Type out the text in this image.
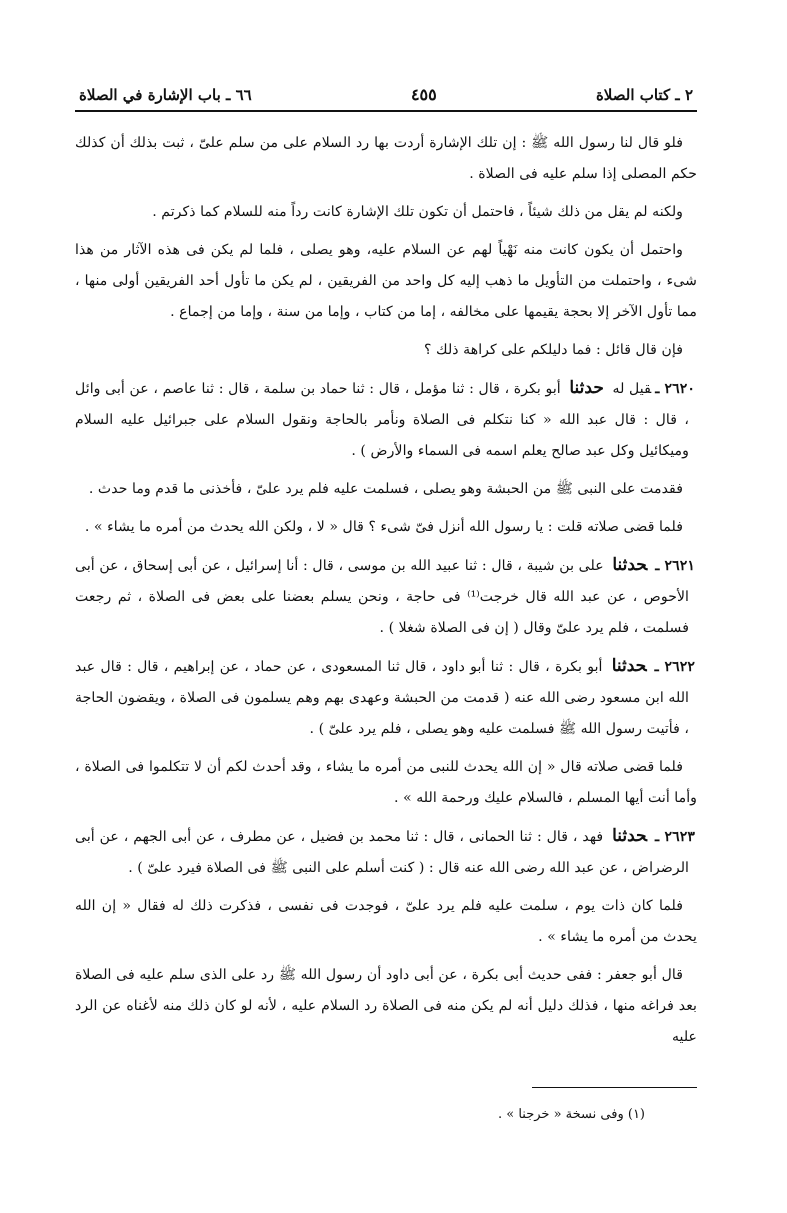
٢ ـ كتاب الصلاة
٤٥٥
٦٦ ـ باب الإشارة في الصلاة

فلو قال لنا رسول الله ﷺ : إن تلك الإشارة أردت بها رد السلام على من سلم علىّ ، ثبت بذلك أن كذلك حكم المصلى إذا سلم عليه فى الصلاة .

ولكنه لم يقل من ذلك شيئاً ، فاحتمل أن تكون تلك الإشارة كانت رداً منه للسلام كما ذكرتم .

واحتمل أن يكون كانت منه نَهْياً لهم عن السلام عليه، وهو يصلى ، فلما لم يكن فى هذه الآثار من هذا شىء ، واحتملت من التأويل ما ذهب إليه كل واحد من الفريقين ، لم يكن ما تأول أحد الفريقين أولى منها ، مما تأول الآخر إلا بحجة يقيمها على مخالفه ، إما من كتاب ، وإما من سنة ، وإما من إجماع .

فإن قال قائل : فما دليلكم على كراهة ذلك ؟

٢٦٢٠ ـقيل له حدثنا أبو بكرة ، قال : ثنا مؤمل ، قال : ثنا حماد بن سلمة ، قال : ثنا عاصم ، عن أبى وائل ، قال : قال عبد الله « كنا نتكلم فى الصلاة ونأمر بالحاجة ونقول السلام على جبرائيل عليه السلام وميكائيل وكل عبد صالح يعلم اسمه فى السماء والأرض ) .

فقدمت على النبى ﷺ من الحبشة وهو يصلى ، فسلمت عليه فلم يرد علىّ ، فأخذنى ما قدم وما حدث .

فلما قضى صلاته قلت : يا رسول الله أنزل فىّ شىء ؟ قال « لا ، ولكن الله يحدث من أمره ما يشاء » .

٢٦٢١ ـحدثنا على بن شيبة ، قال : ثنا عبيد الله بن موسى ، قال : أنا إسرائيل ، عن أبى إسحاق ، عن أبى الأحوص ، عن عبد الله قال خرجت⁽¹⁾ فى حاجة ، ونحن يسلم بعضنا على بعض فى الصلاة ، ثم رجعت فسلمت ، فلم يرد علىّ وقال ( إن فى الصلاة شغلا ) .

٢٦٢٢ ـحدثنا أبو بكرة ، قال : ثنا أبو داود ، قال ثنا المسعودى ، عن حماد ، عن إبراهيم ، قال : قال عبد الله ابن مسعود رضى الله عنه ( قدمت من الحبشة وعهدى بهم وهم يسلمون فى الصلاة ، ويقضون الحاجة ، فأتيت رسول الله ﷺ فسلمت عليه وهو يصلى ، فلم يرد علىّ ) .

فلما قضى صلاته قال « إن الله يحدث للنبى من أمره ما يشاء ، وقد أحدث لكم أن لا تتكلموا فى الصلاة ، وأما أنت أيها المسلم ، فالسلام عليك ورحمة الله » .

٢٦٢٣ ـحدثنا فهد ، قال : ثنا الحمانى ، قال : ثنا محمد بن فضيل ، عن مطرف ، عن أبى الجهم ، عن أبى الرضراض ، عن عبد الله رضى الله عنه قال : ( كنت أسلم على النبى ﷺ فى الصلاة فيرد علىّ ) .

فلما كان ذات يوم ، سلمت عليه فلم يرد علىّ ، فوجدت فى نفسى ، فذكرت ذلك له فقال « إن الله يحدث من أمره ما يشاء » .

قال أبو جعفر : ففى حديث أبى بكرة ، عن أبى داود أن رسول الله ﷺ رد على الذى سلم عليه فى الصلاة بعد فراغه منها ، فذلك دليل أنه لم يكن منه فى الصلاة رد السلام عليه ، لأنه لو كان ذلك منه لأغناه عن الرد عليه

(١) وفى نسخة « خرجنا » .
